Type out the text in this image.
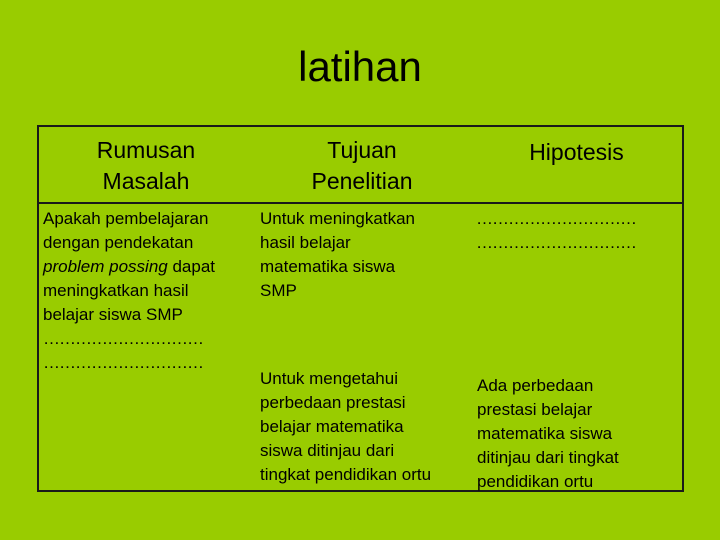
latihan
Rumusan
Masalah
Tujuan
Penelitian
Hipotesis
Apakah pembelajaran
dengan pendekatan
problem possing dapat
meningkatkan hasil
belajar siswa SMP
…………………………
…………………………
Untuk meningkatkan
hasil belajar
matematika siswa
SMP
Untuk mengetahui
perbedaan prestasi
belajar matematika
siswa ditinjau dari
tingkat pendidikan ortu
…………………………
…………………………
Ada perbedaan
prestasi belajar
matematika siswa
ditinjau dari tingkat
pendidikan ortu
